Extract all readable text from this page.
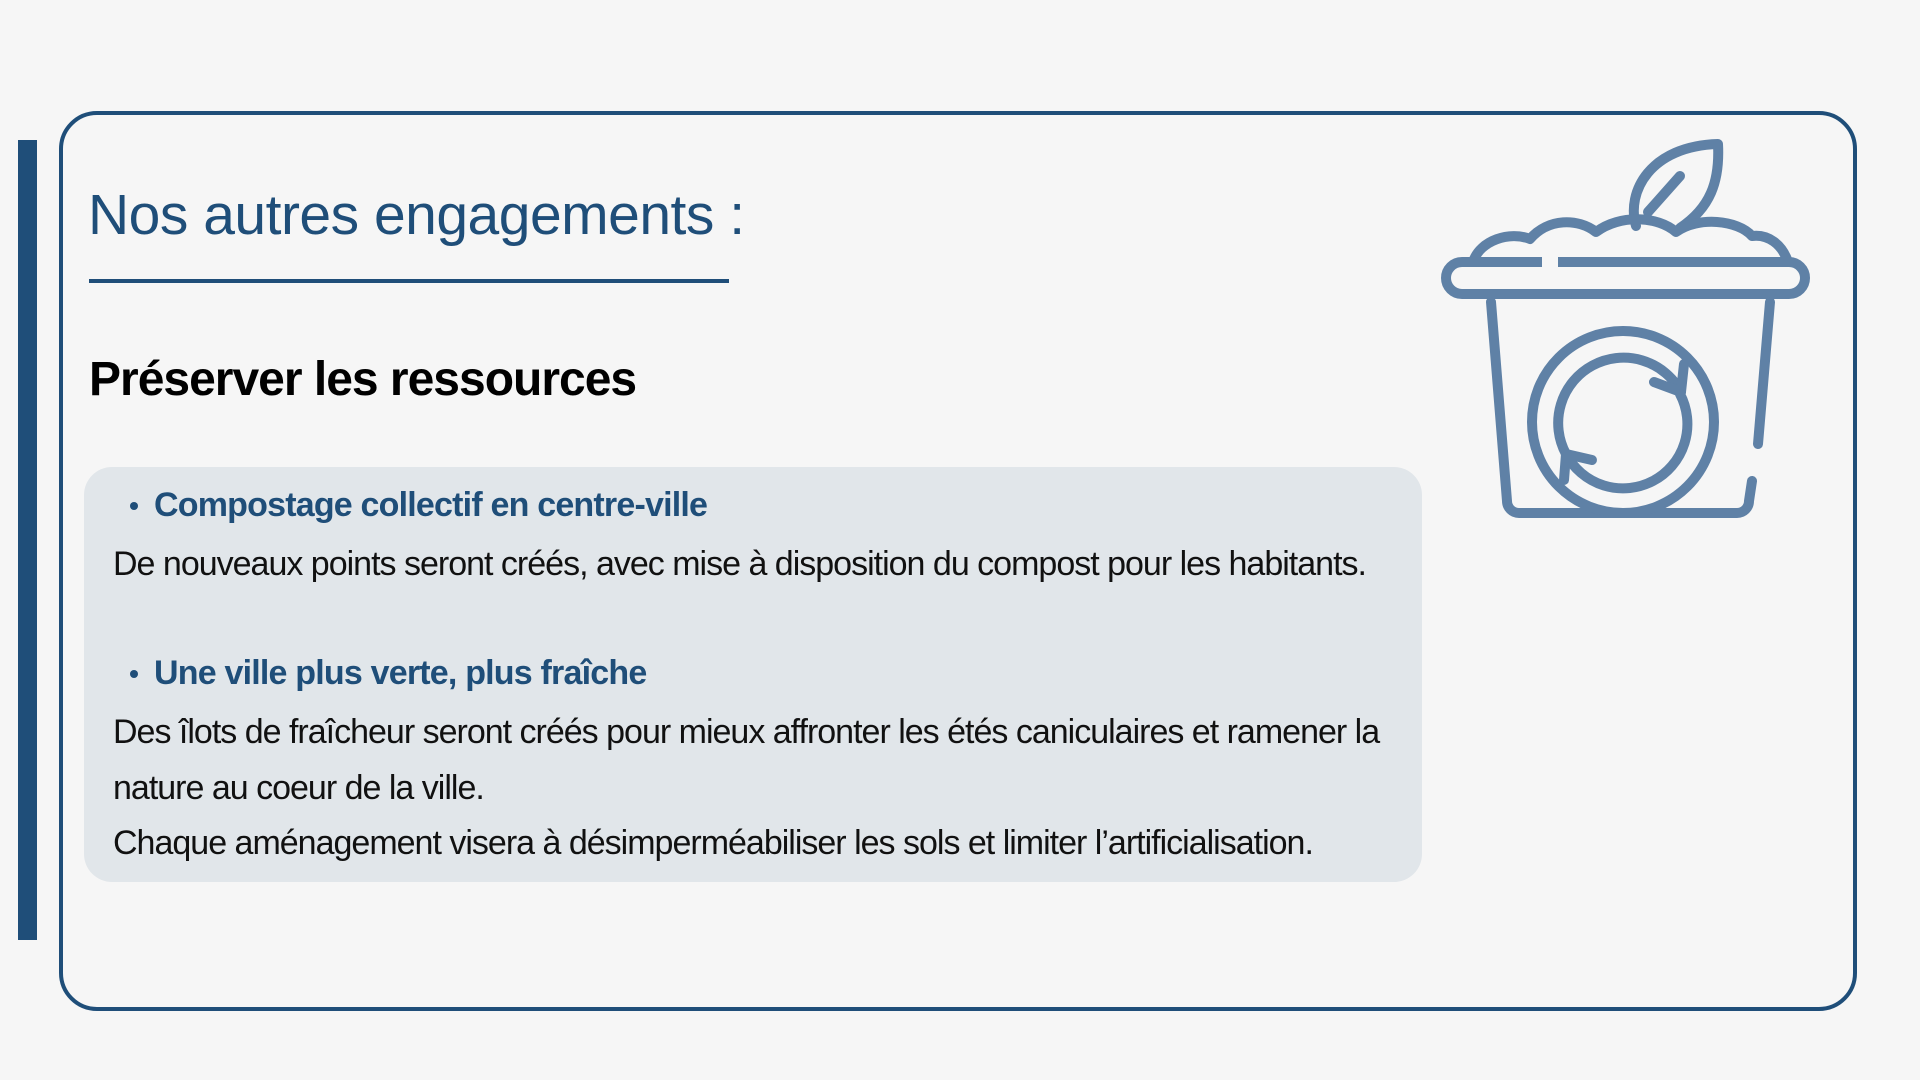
Nos autres engagements :
Préserver les ressources
Compostage collectif en centre-ville

De nouveaux points seront créés, avec mise à disposition du compost pour les habitants.

Une ville plus verte, plus fraîche

Des îlots de fraîcheur seront créés pour mieux affronter les étés caniculaires et ramener la

nature au coeur de la ville.

Chaque aménagement visera à désimperméabiliser les sols et limiter l’artificialisation.
